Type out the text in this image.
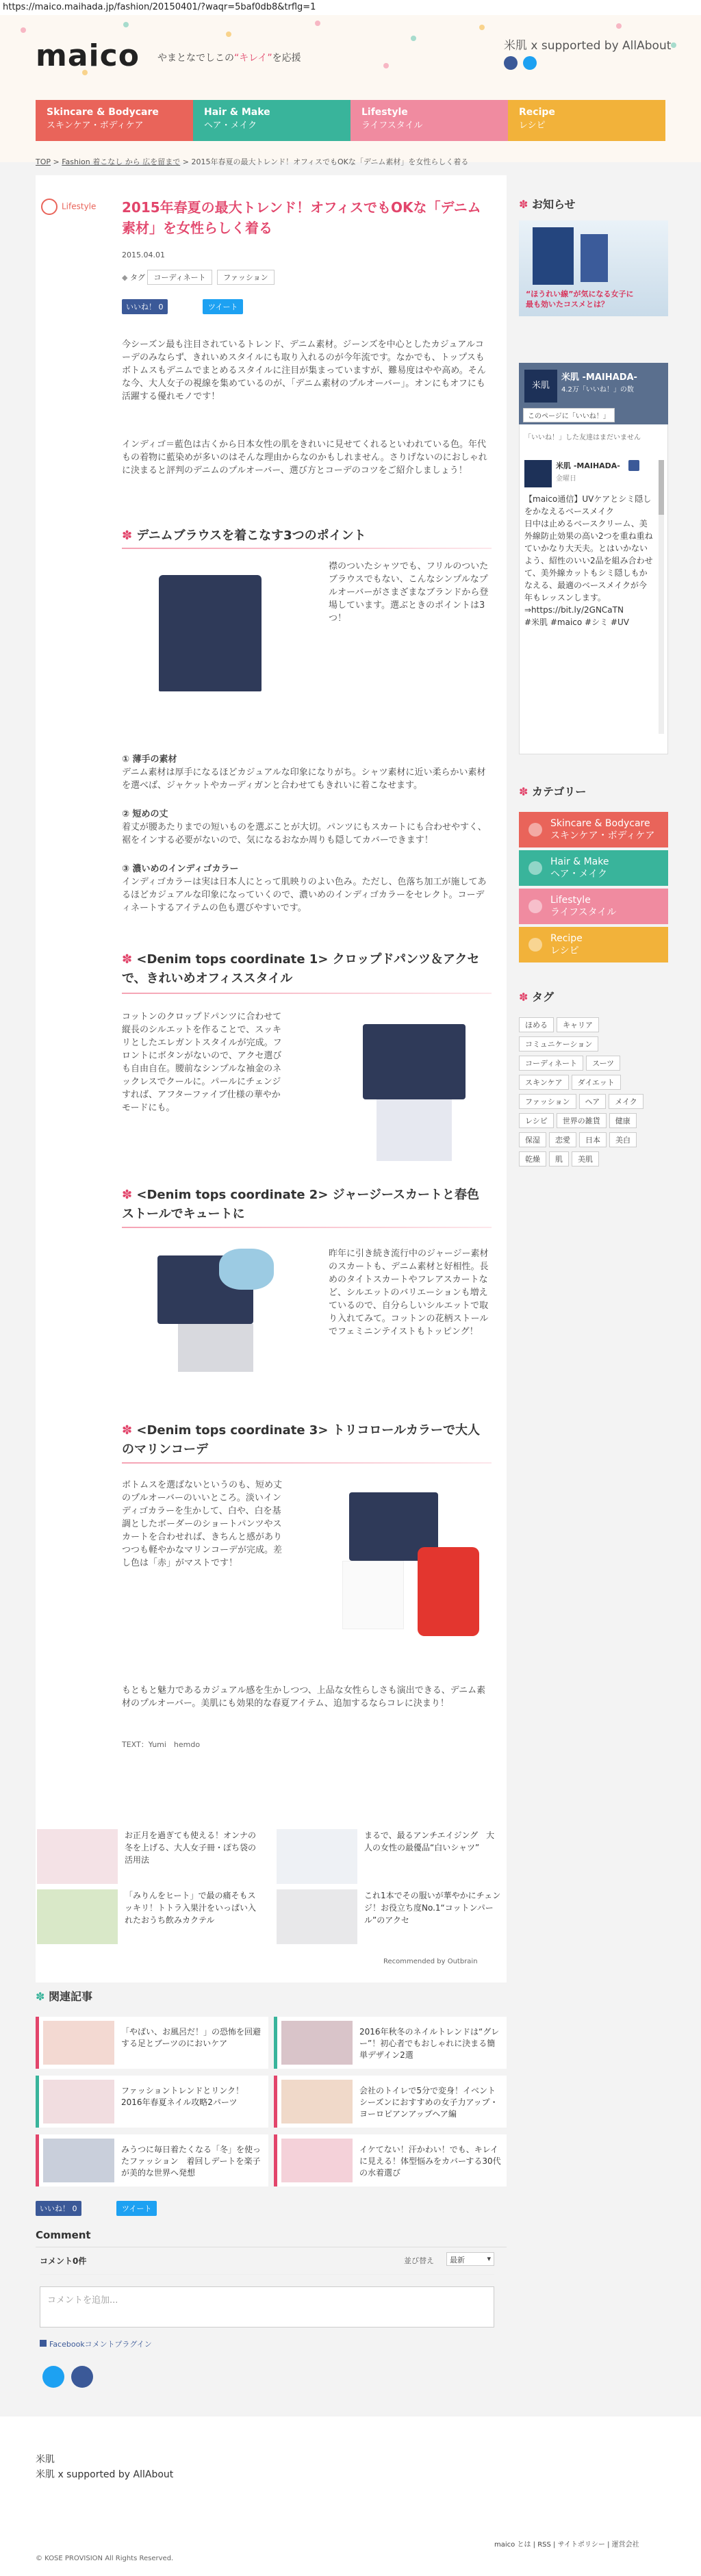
https://maico.maihada.jp/fashion/20150401/?waqr=5baf0db8&trflg=1
maico やまとなでしこの“キレイ”を応援
米肌 x supported by AllAbout
Skincare & Bodycare
スキンケア・ボディケア
Hair & Make
ヘア・メイク
Lifestyle
ライフスタイル
Recipe
レシピ
TOP > Fashion 着こなし から 広を留まで > 2015年春夏の最大トレンド！オフィスでもOKな「デニム素材」を女性らしく着る
Lifestyle	2015年春夏の最大トレンド！オフィスでもOKな「デニム素材」を女性らしく着る
2015.04.01
◆ タグ コーディネート ファッション
いいね！ 0	ツイート
今シーズン最も注目されているトレンド、デニム素材。ジーンズを中心としたカジュアルコーデのみならず、きれいめスタイルにも取り入れるのが今年流です。なかでも、トップスもボトムスもデニムでまとめるスタイルに注目が集まっていますが、難易度はやや高め。そんな今、大人女子の視線を集めているのが、「デニム素材のプルオーバー」。オンにもオフにも活躍する優れモノです！
インディゴ＝藍色は古くから日本女性の肌をきれいに見せてくれるといわれている色。年代もの着物に藍染めが多いのはそんな理由からなのかもしれません。さりげないのにおしゃれに決まると評判のデニムのプルオーバー、選び方とコーデのコツをご紹介しましょう！
✽ デニムブラウスを着こなす3つのポイント
襟のついたシャツでも、フリルのついたブラウスでもない、こんなシンプルなプルオーバーがさまざまなブランドから登場しています。選ぶときのポイントは3つ！
① 薄手の素材
デニム素材は厚手になるほどカジュアルな印象になりがち。シャツ素材に近い柔らかい素材を選べば、ジャケットやカーディガンと合わせてもきれいに着こなせます。
② 短めの丈
着丈が腰あたりまでの短いものを選ぶことが大切。パンツにもスカートにも合わせやすく、裾をインする必要がないので、気になるおなか周りも隠してカバーできます！
③ 濃いめのインディゴカラー
インディゴカラーは実は日本人にとって肌映りのよい色み。ただし、色落ち加工が施してあるほどカジュアルな印象になっていくので、濃いめのインディゴカラーをセレクト。コーディネートするアイテムの色も選びやすいです。
✽ <Denim tops coordinate 1> クロップドパンツ＆アクセで、きれいめオフィススタイル
コットンのクロップドパンツに合わせて縦長のシルエットを作ることで、スッキリとしたエレガントスタイルが完成。フロントにボタンがないので、アクセ選びも自由自在。腰前なシンプルな袖金のネックレスでクールに。パールにチェンジすれば、アフターファイブ仕様の華やかモードにも。
✽ <Denim tops coordinate 2> ジャージースカートと春色ストールでキュートに
昨年に引き続き流行中のジャージー素材のスカートも、デニム素材と好相性。長めのタイトスカートやフレアスカートなど、シルエットのバリエーションも増えているので、自分らしいシルエットで取り入れてみて。コットンの花柄ストールでフェミニンテイストもトッピング！
✽ <Denim tops coordinate 3> トリコロールカラーで大人のマリンコーデ
ボトムスを選ばないというのも、短め丈のプルオーバーのいいところ。淡いインディゴカラーを生かして、白や、白を基調としたボーダーのショートパンツやスカートを合わせれば、きちんと感がありつつも軽やかなマリンコーデが完成。差し色は「赤」がマストです！
もともと魅力であるカジュアル感を生かしつつ、上品な女性らしさも演出できる、デニム素材のプルオーバー。美肌にも効果的な春夏アイテム、追加するならコレに決まり！
TEXT：Yumi　hemdo
✽ お知らせ
“ほうれい線”が気になる女子に
最も効いたコスメとは？
米肌
米肌 -MAIHADA-
4.2万「いいね！」の数
このページに「いいね！」
「いいね！」した友達はまだいません
米肌 -MAIHADA-
金曜日
【maico通信】UVケアとシミ隠しをかなえるベースメイク
日中は止めるベースクリーム、美外線防止効果の高い2つを重ね重ねていかなり大天夫。とはいかないよう、紹性のいい2品を組み合わせて、美外線カットもシミ隠しもかなえる、最適のベースメイクが今年もレッスンします。
⇒https://bit.ly/2GNCaTN
#米肌 #maico #シミ #UV
✽ カテゴリー
Skincare & Bodycare
スキンケア・ボディケア
Hair & Make
ヘア・メイク
Lifestyle
ライフスタイル
Recipe
レシピ
✽ タグ
ほめる キャリアコミュニケーションコーディネート スーツスキンケア ダイエットファッション ヘア メイクレシピ 世界の雑貨 健康保湿 恋愛 日本 美白乾燥 肌 美肌
お正月を過ぎても使える！オンナの冬を上げる、大人女子冊・ぽち袋の活用法
まるで、最るアンチエイジング　大人の女性の最優品“白いシャツ”
「みりんをヒート」で最の痛そもスッキリ！トトラ入果汁をいっぱい入れたおうち飲みカクテル
これ1本でその服いが華やかにチェンジ！お役立ち度No.1“コットンパール”のアクセ
Recommended by Outbrain
✽ 関連記事
「やばい、お風呂だ！」の恐怖を回避する足とブーツのにおいケア
2016年秋冬のネイルトレンドは“グレー”！初心者でもおしゃれに決まる簡単デザイン2選
ファッショントレンドとリンク！2016年春夏ネイル攻略2パーツ
会社のトイレで5分で変身！イベントシーズンにおすすめの女子力アップ・ヨーロピアンアップヘア編
みうつに毎日着たくなる「冬」を使ったファッション　着回しデートを楽子が美的な世界へ発想
イケてない！汗かわい！でも、キレイに見える！体型悩みをカバーする30代の水着選び
いいね！ 0	ツイート
Comment
コメント0件	並び替え	最新	▾
コメントを追加...
Facebookコメントプラグイン
米肌
米肌 x supported by AllAbout
maico とは | RSS | サイトポリシー | 運営会社
© KOSE PROVISION All Rights Reserved.
